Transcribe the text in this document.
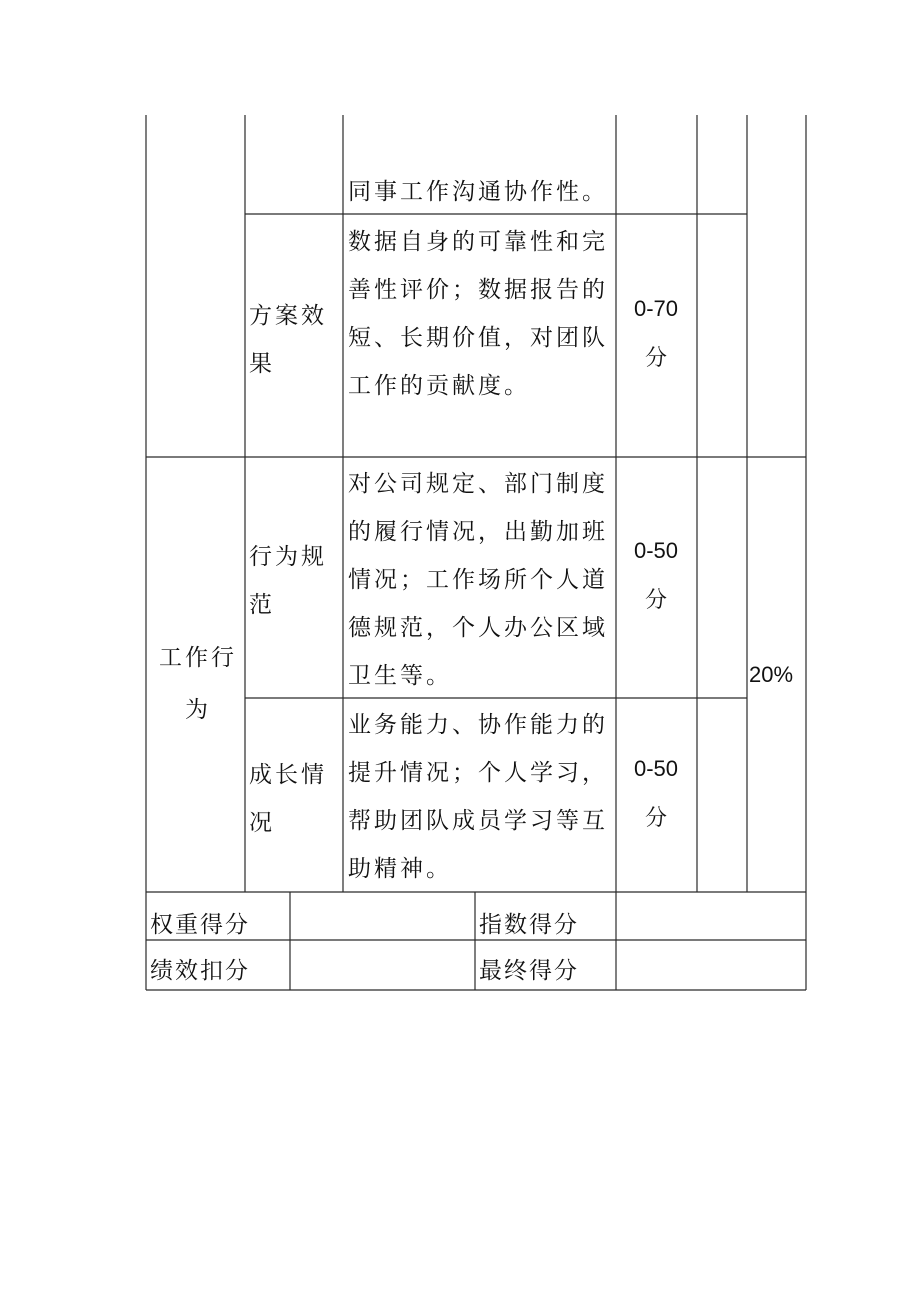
同事工作沟通协作性。
方案效果
数据自身的可靠性和完善性评价；数据报告的短、长期价值，对团队工作的贡献度。
0-70
分
工作行为
20%
行为规范
对公司规定、部门制度的履行情况，出勤加班情况；工作场所个人道德规范，个人办公区域卫生等。
0-50
分
成长情况
业务能力、协作能力的提升情况；个人学习，帮助团队成员学习等互助精神。
0-50
分
权重得分	指数得分
绩效扣分	最终得分
